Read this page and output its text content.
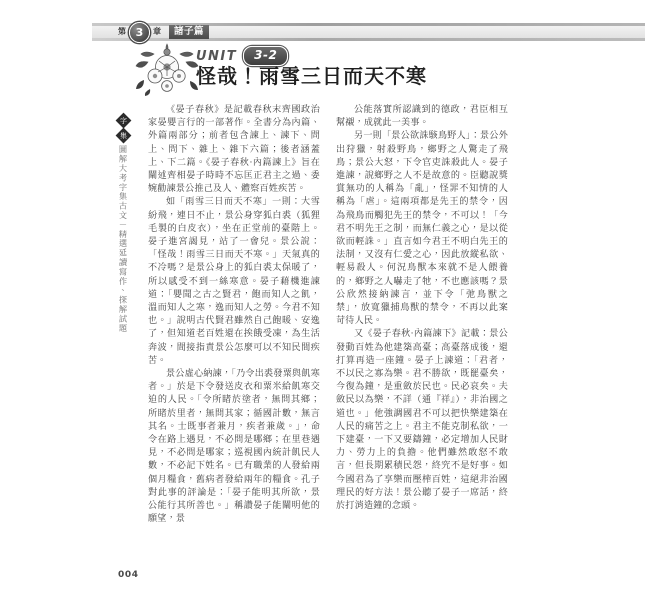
第 3	章	諸子篇
UNIT	3-2
怪哉！雨雪三日而天不寒
字
集
圖解大考字集古文－精選延讀寫作、探解試題

《晏子春秋》是記載春秋末齊國政治家晏嬰言行的一部著作。全書分為內篇、外篇兩部分；前者包含諫上、諫下、問上、問下、雜上、雜下六篇；後者涵蓋上、下二篇。《晏子春秋‧內篇諫上》旨在闡述齊相晏子時時不忘匡正君主之過、委婉勸諫景公推己及人、體察百姓疾苦。

如「雨雪三日而天不寒」一則：大雪紛飛，連日不止，景公身穿狐白裘（狐狸毛製的白皮衣），坐在正堂前的臺階上。晏子進宮謁見，站了一會兒。景公說：「怪哉！雨雪三日而天不寒。」天氣真的不冷嗎？是景公身上的狐白裘太保暖了，所以感受不到一絲寒意。晏子藉機進諫道：「嬰聞之古之賢君，飽而知人之飢，溫而知人之寒，逸而知人之勞。今君不知也。」說明古代賢君雖然自己飽暖、安逸了，但知道老百姓還在挨餓受凍，為生活奔波，間接指責景公怎麼可以不知民間疾苦。

景公虛心納諫，「乃令出裘發粟與飢寒者。」於是下令發送皮衣和粟米給飢寒交迫的人民。「令所睹於塗者，無問其鄉；所睹於里者，無問其家；循國計數，無言其名。士既事者兼月，疾者兼歲。」，命令在路上遇見，不必問是哪鄉；在里巷遇見，不必問是哪家；巡視國內統計飢民人數，不必記下姓名。已有職業的人發給兩個月糧食，舊病者發給兩年的糧食。孔子對此事的評論是：「晏子能明其所欲，景公能行其所善也。」稱讚晏子能闡明他的願望，景

公能落實所認識到的德政，君臣相互幫襯，成就此一美事。

另一則「景公欲誅駭鳥野人」：景公外出狩獵，射殺野鳥，鄉野之人驚走了飛鳥；景公大怒，下令官吏誅殺此人。晏子進諫，說鄉野之人不是故意的。臣聽說獎賞無功的人稱為「亂」，怪罪不知情的人稱為「虐」。這兩項都是先王的禁令，因為飛鳥而觸犯先王的禁令，不可以！「今君不明先王之制，而無仁義之心，是以從欲而輕誅。」直言如今君王不明白先王的法制，又沒有仁愛之心，因此放縱私欲、輕易殺人。何況鳥獸本來就不是人餵養的，鄉野之人嚇走了牠，不也應該嗎？景公欣然接納諫言，並下令「弛鳥獸之禁」，放寬獵捕鳥獸的禁令，不再以此案苛待人民。

又《晏子春秋‧內篇諫下》記載：景公發動百姓為他建築高臺；高臺落成後，還打算再造一座鐘。晏子上諫道：「君者，不以民之寡為樂。君不勝欲，既罷臺矣，今復為鐘，是重斂於民也。民必哀矣。夫斂民以為樂，不詳（通『祥』），非治國之道也。」他強調國君不可以把快樂建築在人民的痛苦之上。君主不能克制私欲，一下建臺，一下又要鑄鐘，必定增加人民財力、勞力上的負擔。他們雖然敢怒不敢言，但長期累積民怨，終究不是好事。如今國君為了享樂而壓榨百姓，這絕非治國理民的好方法！景公聽了晏子一席話，終於打消造鐘的念頭。

004
